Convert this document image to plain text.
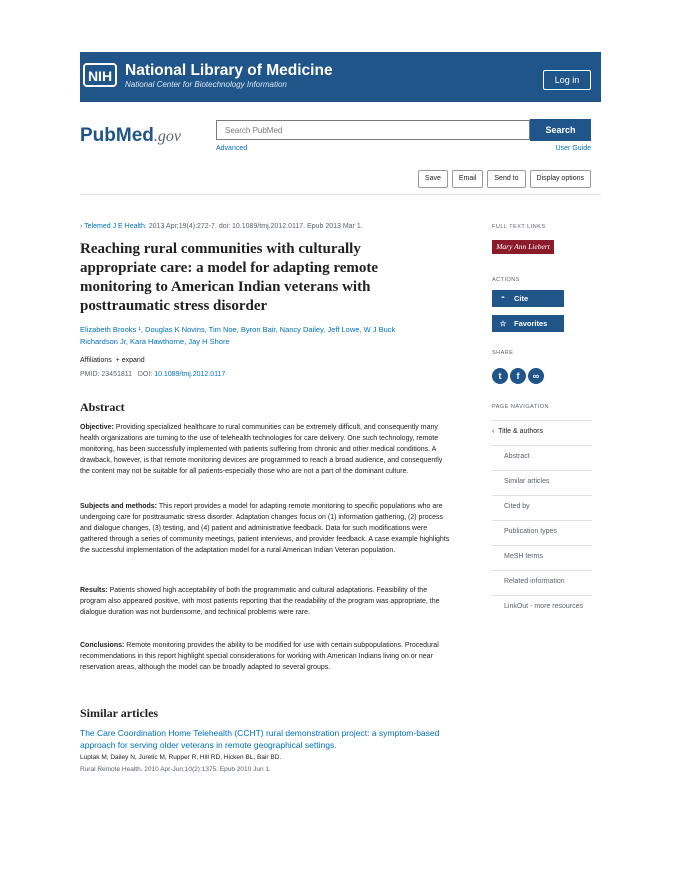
NIH National Library of Medicine
National Center for Biotechnology Information	Log in
PubMed.gov	Search PubMed	Search
Advanced	User Guide
Save	Email	Send to	Display options
› Telemed J E Health. 2013 Apr;19(4):272-7. doi: 10.1089/tmj.2012.0117. Epub 2013 Mar 1.
Reaching rural communities with culturally appropriate care: a model for adapting remote monitoring to American Indian veterans with posttraumatic stress disorder
Elizabeth Brooks ¹, Douglas K Novins, Tim Noe, Byron Bair, Nancy Dailey, Jeff Lowe, W J Buck Richardson Jr, Kara Hawthorne, Jay H Shore
Affiliations + expand
PMID: 23451811 DOI: 10.1089/tmj.2012.0117
Abstract
Objective: Providing specialized healthcare to rural communities can be extremely difficult, and consequently many health organizations are turning to the use of telehealth technologies for care delivery. One such technology, remote monitoring, has been successfully implemented with patients suffering from chronic and other medical conditions. A drawback, however, is that remote monitoring devices are programmed to reach a broad audience, and consequently the content may not be suitable for all patients-especially those who are not a part of the dominant culture.
Subjects and methods: This report provides a model for adapting remote monitoring to specific populations who are undergoing care for posttraumatic stress disorder. Adaptation changes focus on (1) information gathering, (2) process and dialogue changes, (3) testing, and (4) patient and administrative feedback. Data for such modifications were gathered through a series of community meetings, patient interviews, and provider feedback. A case example highlights the successful implementation of the adaptation model for a rural American Indian Veteran population.
Results: Patients showed high acceptability of both the programmatic and cultural adaptations. Feasibility of the program also appeared positive, with most patients reporting that the readability of the program was appropriate, the dialogue duration was not burdensome, and technical problems were rare.
Conclusions: Remote monitoring provides the ability to be modified for use with certain subpopulations. Procedural recommendations in this report highlight special considerations for working with American Indians living on or near reservation areas, although the model can be broadly adapted to several groups.
Similar articles
The Care Coordination Home Telehealth (CCHT) rural demonstration project: a symptom-based approach for serving older veterans in remote geographical settings.
Luptak M, Dailey N, Juretic M, Rupper R, Hill RD, Hicken BL, Bair BD.
Rural Remote Health. 2010 Apr-Jun;10(2):1375. Epub 2010 Jun 1.
FULL TEXT LINKS
Mary Ann Liebert
ACTIONS
“ Cite
☆ Favorites
SHARE
t	f	∞
PAGE NAVIGATION
‹ Title & authors
Abstract
Similar articles
Cited by
Publication types
MeSH terms
Related information
LinkOut - more resources
